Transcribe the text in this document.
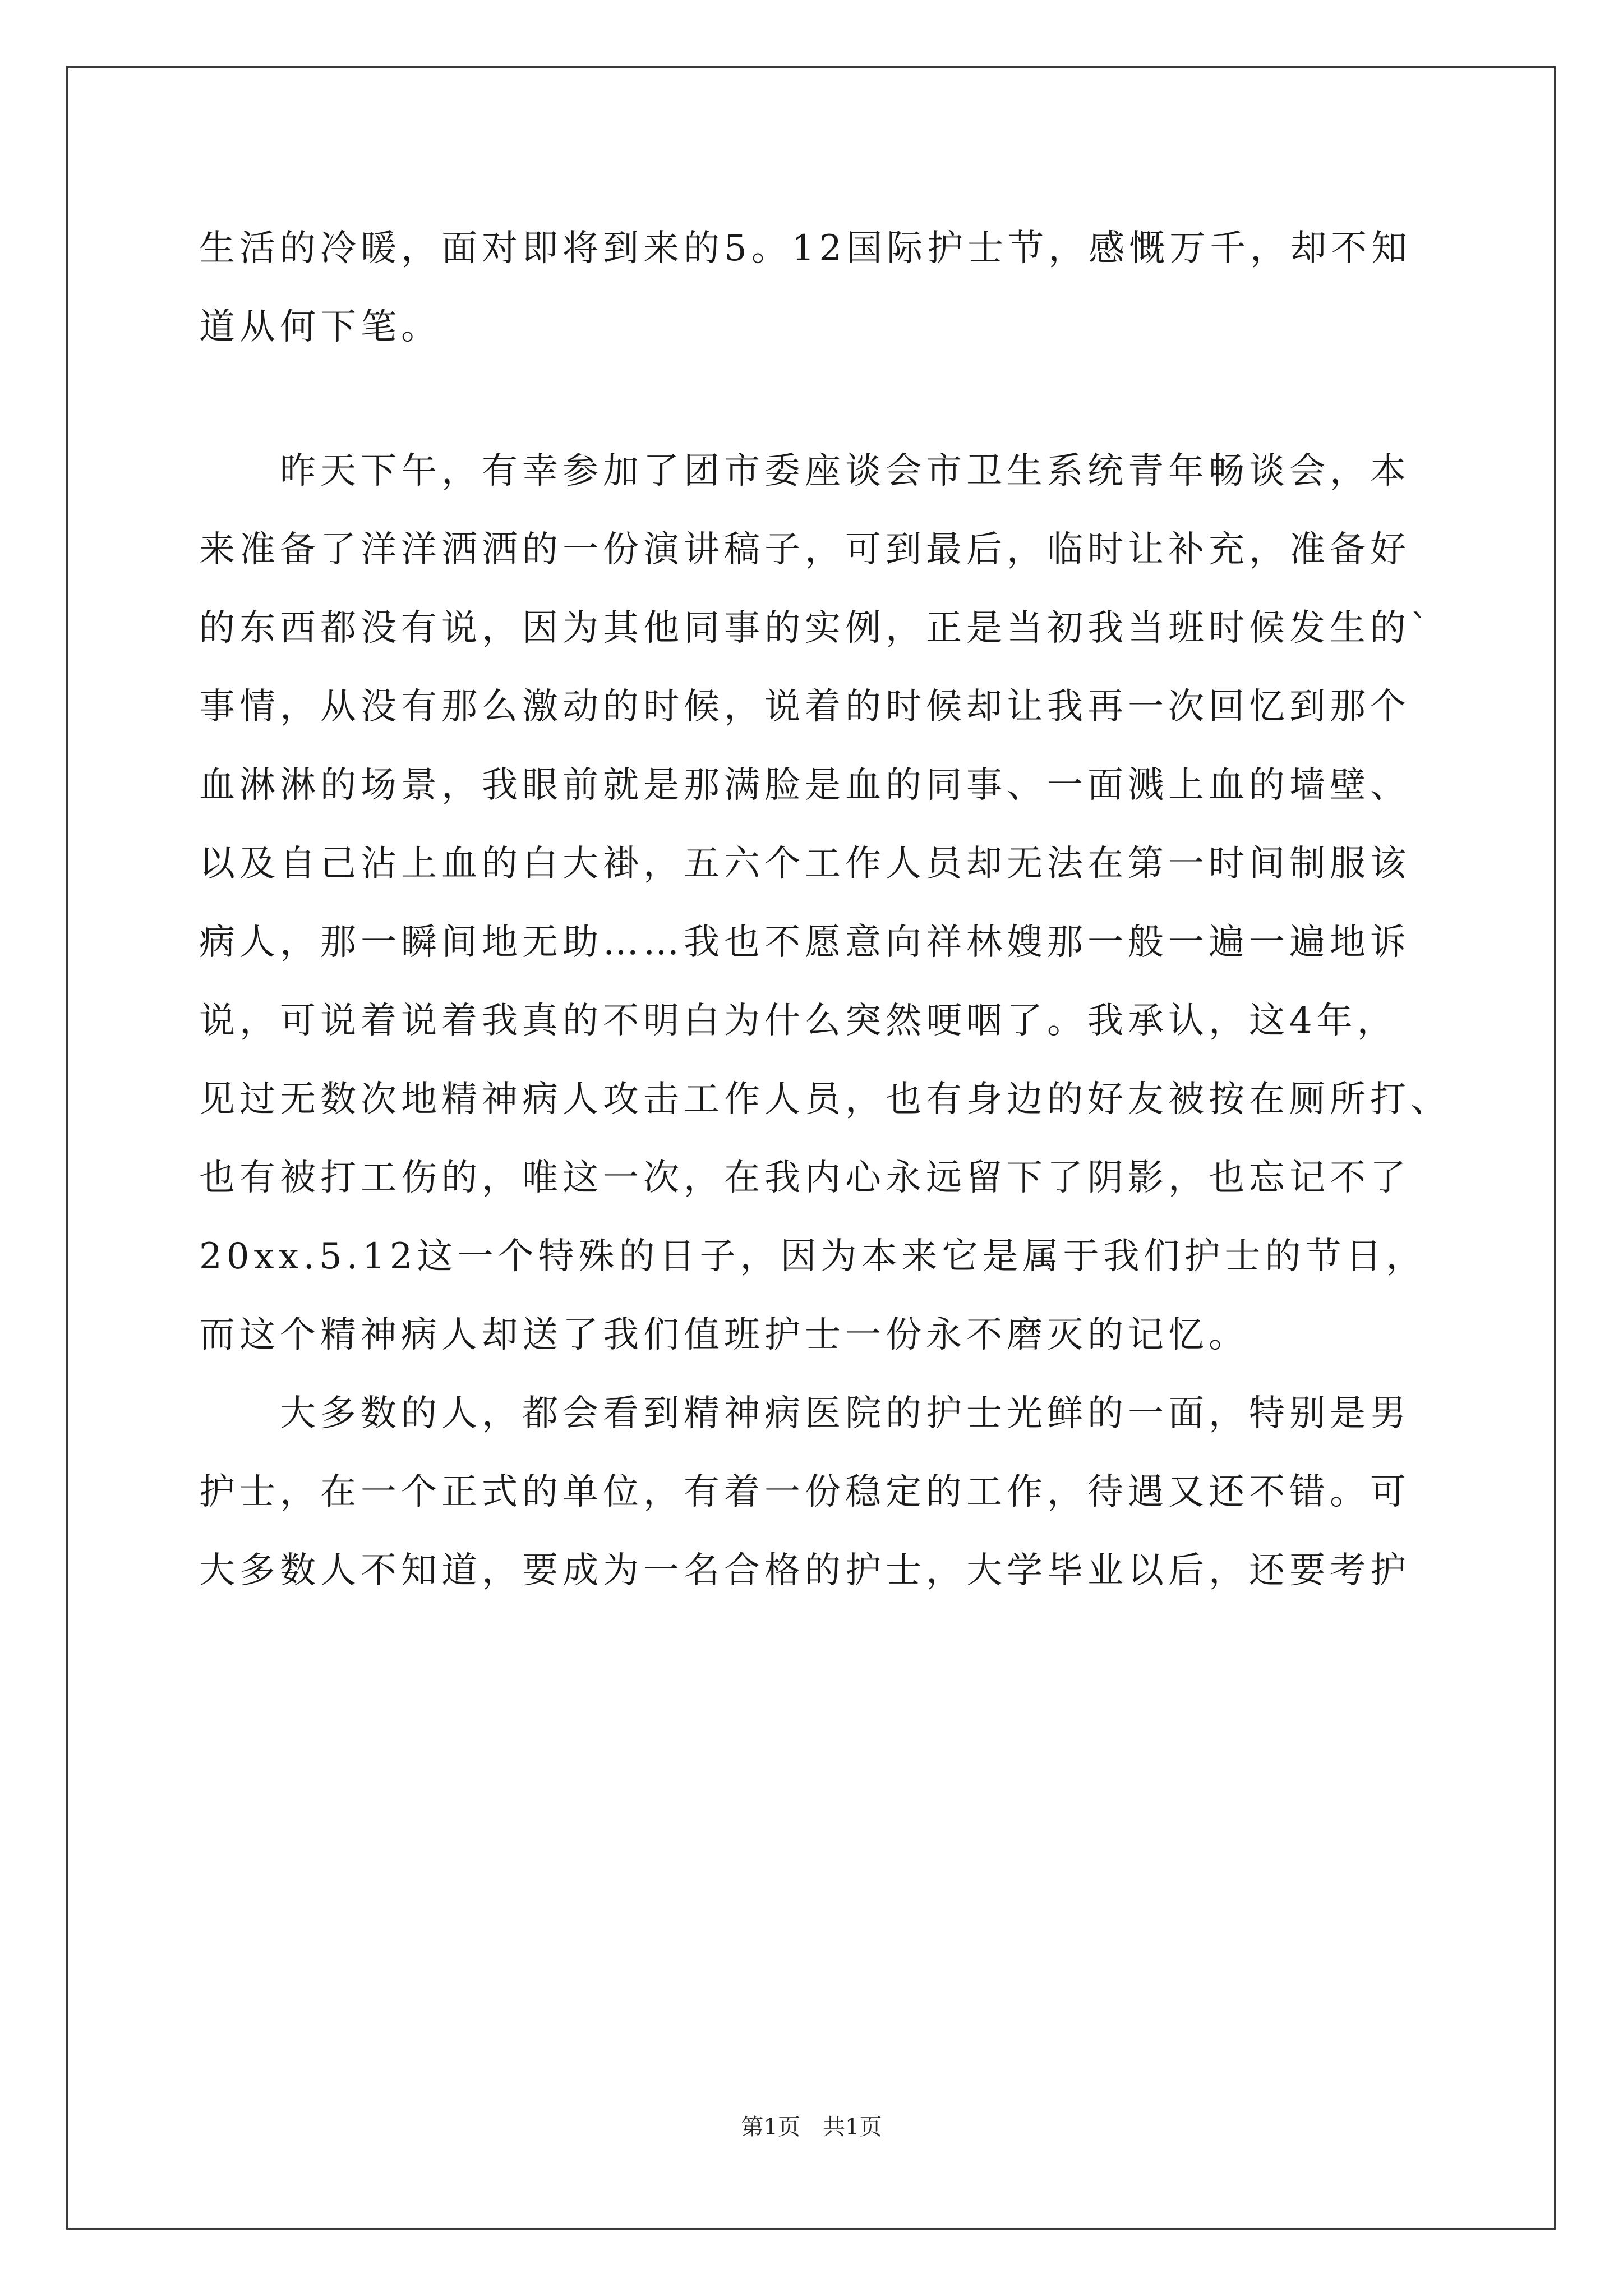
生活的冷暖，面对即将到来的5。12国际护士节，感慨万千，却不知
道从何下笔。
　　昨天下午，有幸参加了团市委座谈会市卫生系统青年畅谈会，本
来准备了洋洋洒洒的一份演讲稿子，可到最后，临时让补充，准备好
的东西都没有说，因为其他同事的实例，正是当初我当班时候发生的`
事情，从没有那么激动的时候，说着的时候却让我再一次回忆到那个
血淋淋的场景，我眼前就是那满脸是血的同事、一面溅上血的墙壁、
以及自己沾上血的白大褂，五六个工作人员却无法在第一时间制服该
病人，那一瞬间地无助……我也不愿意向祥林嫂那一般一遍一遍地诉
说，可说着说着我真的不明白为什么突然哽咽了。我承认，这4年，
见过无数次地精神病人攻击工作人员，也有身边的好友被按在厕所打、
也有被打工伤的，唯这一次，在我内心永远留下了阴影，也忘记不了
20xx.5.12这一个特殊的日子，因为本来它是属于我们护士的节日，
而这个精神病人却送了我们值班护士一份永不磨灭的记忆。
　　大多数的人，都会看到精神病医院的护士光鲜的一面，特别是男
护士，在一个正式的单位，有着一份稳定的工作，待遇又还不错。可
大多数人不知道，要成为一名合格的护士，大学毕业以后，还要考护
第1页　共1页
